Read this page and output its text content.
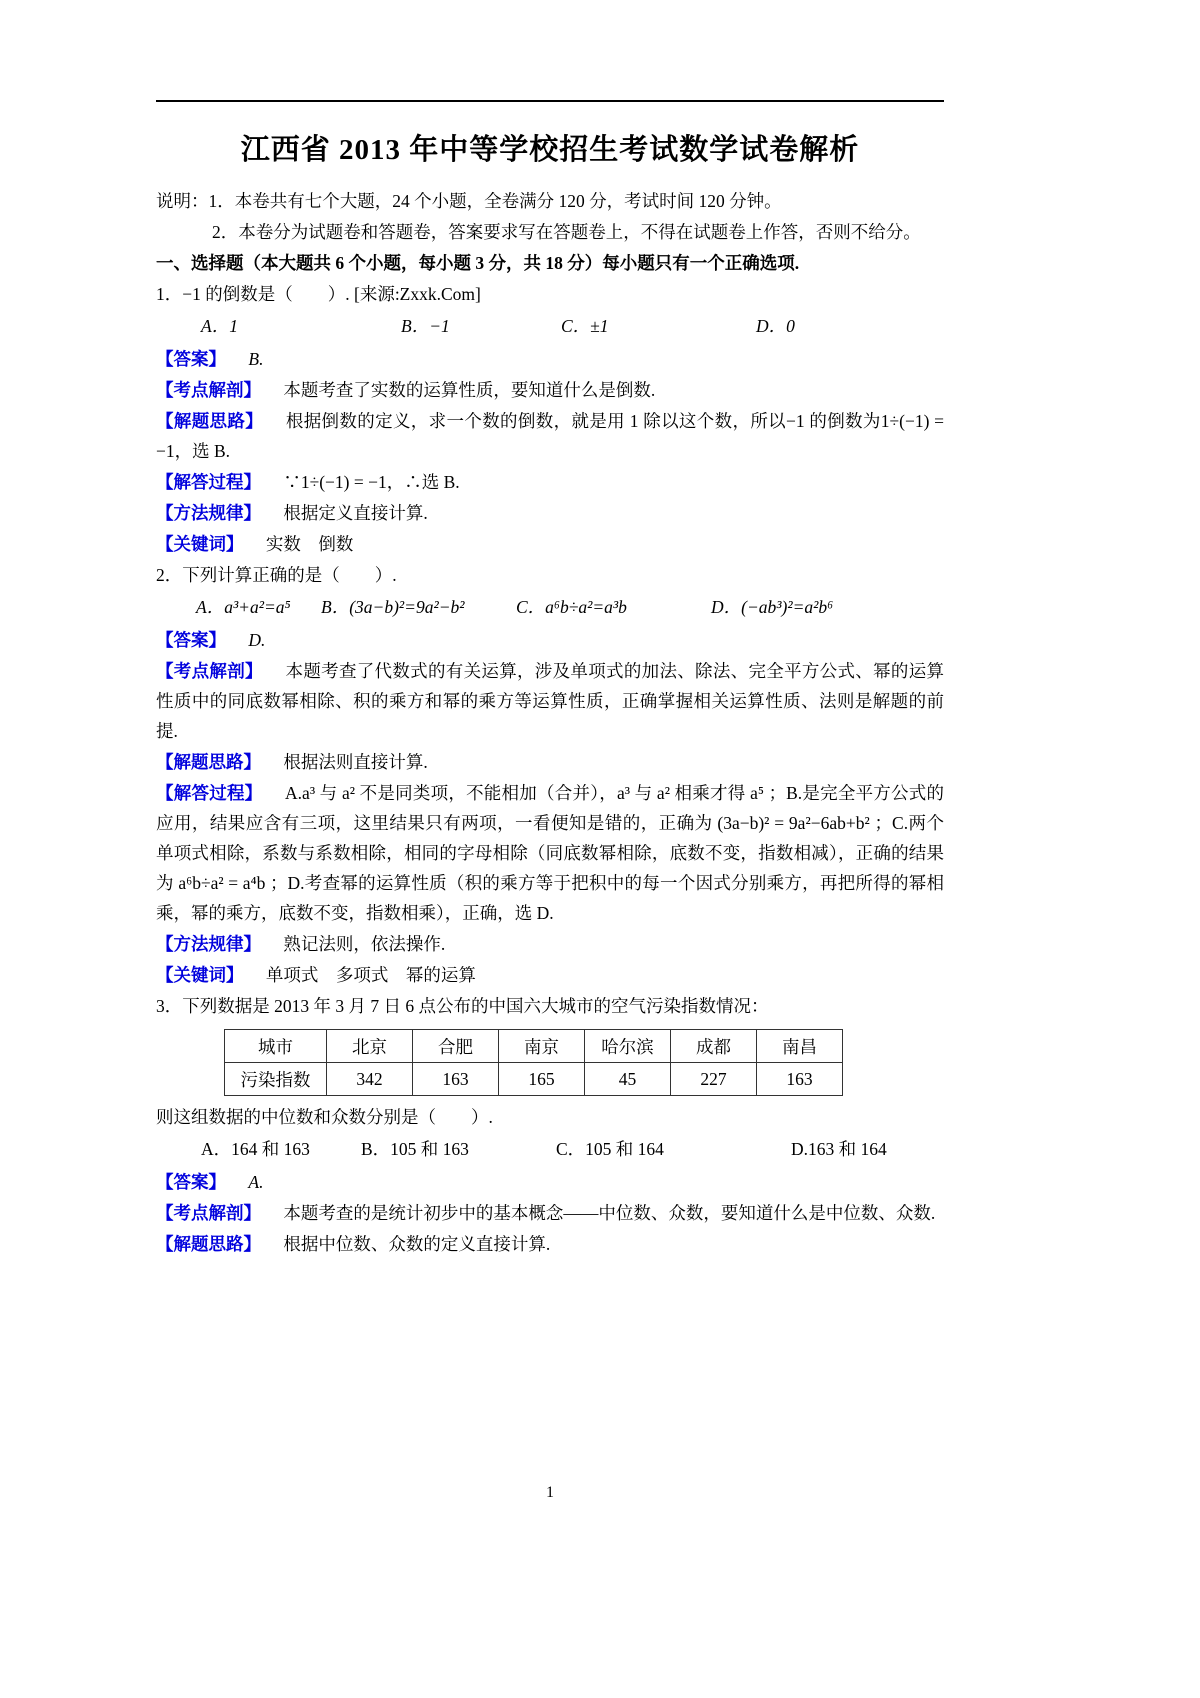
江西省 2013 年中等学校招生考试数学试卷解析

说明：1．本卷共有七个大题，24 个小题，全卷满分 120 分，考试时间 120 分钟。

2．本卷分为试题卷和答题卷，答案要求写在答题卷上，不得在试题卷上作答，否则不给分。

一、选择题（本大题共 6 个小题，每小题 3 分，共 18 分）每小题只有一个正确选项.

1．−1 的倒数是（　　）. [来源:Zxxk.Com]

A．1	B．−1	C．±1	D．0

【答案】 B.

【考点解剖】 本题考查了实数的运算性质，要知道什么是倒数.

【解题思路】 根据倒数的定义，求一个数的倒数，就是用 1 除以这个数，所以−1 的倒数为1÷(−1) = −1，选 B.

【解答过程】 ∵1÷(−1) = −1，∴选 B.

【方法规律】 根据定义直接计算.

【关键词】 实数　倒数

2．下列计算正确的是（　　）.

A．a³+a²=a⁵	B．(3a−b)²=9a²−b²	C．a⁶b÷a²=a³b	D．(−ab³)²=a²b⁶

【答案】 D.

【考点解剖】 本题考查了代数式的有关运算，涉及单项式的加法、除法、完全平方公式、幂的运算性质中的同底数幂相除、积的乘方和幂的乘方等运算性质，正确掌握相关运算性质、法则是解题的前提.

【解题思路】 根据法则直接计算.

【解答过程】 A.a³ 与 a² 不是同类项，不能相加（合并），a³ 与 a² 相乘才得 a⁵ ；B.是完全平方公式的应用，结果应含有三项，这里结果只有两项，一看便知是错的，正确为 (3a−b)² = 9a²−6ab+b² ；C.两个单项式相除，系数与系数相除，相同的字母相除（同底数幂相除，底数不变，指数相减），正确的结果为 a⁶b÷a² = a⁴b ；D.考查幂的运算性质（积的乘方等于把积中的每一个因式分别乘方，再把所得的幂相乘，幂的乘方，底数不变，指数相乘），正确，选 D.

【方法规律】 熟记法则，依法操作.

【关键词】 单项式　多项式　幂的运算

3．下列数据是 2013 年 3 月 7 日 6 点公布的中国六大城市的空气污染指数情况：

城市	北京	合肥	南京	哈尔滨	成都	南昌
污染指数	342	163	165	45	227	163

则这组数据的中位数和众数分别是（　　）.

A．164 和 163	B．105 和 163	C．105 和 164	D.163 和 164

【答案】 A.

【考点解剖】 本题考查的是统计初步中的基本概念——中位数、众数，要知道什么是中位数、众数.

【解题思路】 根据中位数、众数的定义直接计算.

1
